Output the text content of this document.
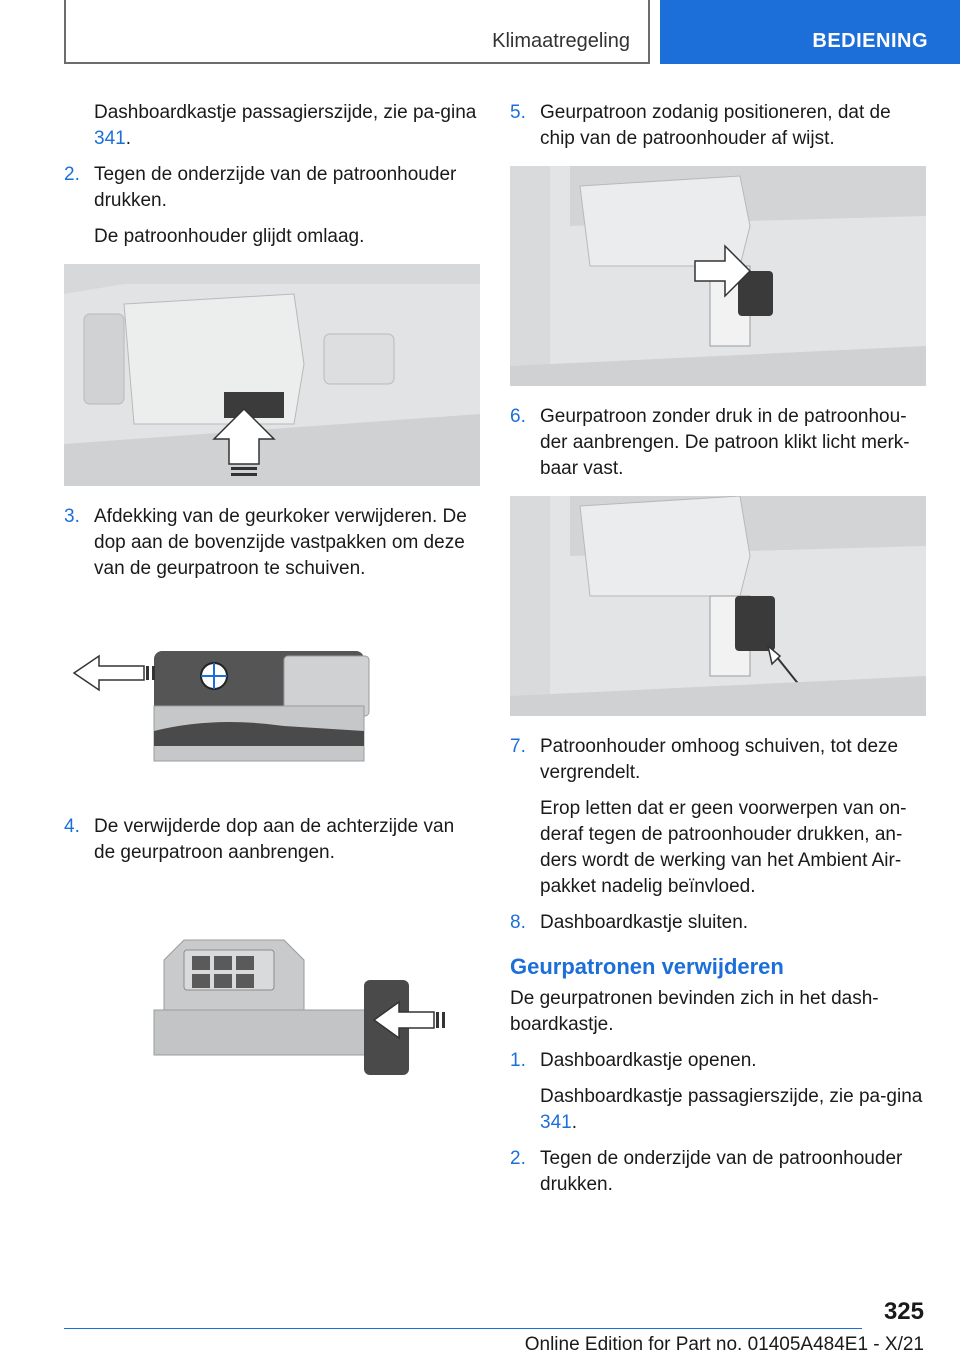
Klimaatregeling	BEDIENING
Dashboardkastje passagierszijde, zie pa-gina 341.
2. Tegen de onderzijde van de patroonhouder drukken.

De patroonhouder glijdt omlaag.

3. Afdekking van de geurkoker verwijderen. De dop aan de bovenzijde vastpakken om deze van de geurpatroon te schuiven.

4. De verwijderde dop aan de achterzijde van de geurpatroon aanbrengen.

5. Geurpatroon zodanig positioneren, dat de chip van de patroonhouder af wijst.

6. Geurpatroon zonder druk in de patroonhou-der aanbrengen. De patroon klikt licht merk-baar vast.

7. Patroonhouder omhoog schuiven, tot deze vergrendelt.

Erop letten dat er geen voorwerpen van on-deraf tegen de patroonhouder drukken, an-ders wordt de werking van het Ambient Air-pakket nadelig beïnvloed.

8. Dashboardkastje sluiten.

Geurpatronen verwijderen

De geurpatronen bevinden zich in het dash-boardkastje.

1. Dashboardkastje openen.

Dashboardkastje passagierszijde, zie pa-gina 341.

2. Tegen de onderzijde van de patroonhouder drukken.

325
Online Edition for Part no. 01405A484E1 - X/21
